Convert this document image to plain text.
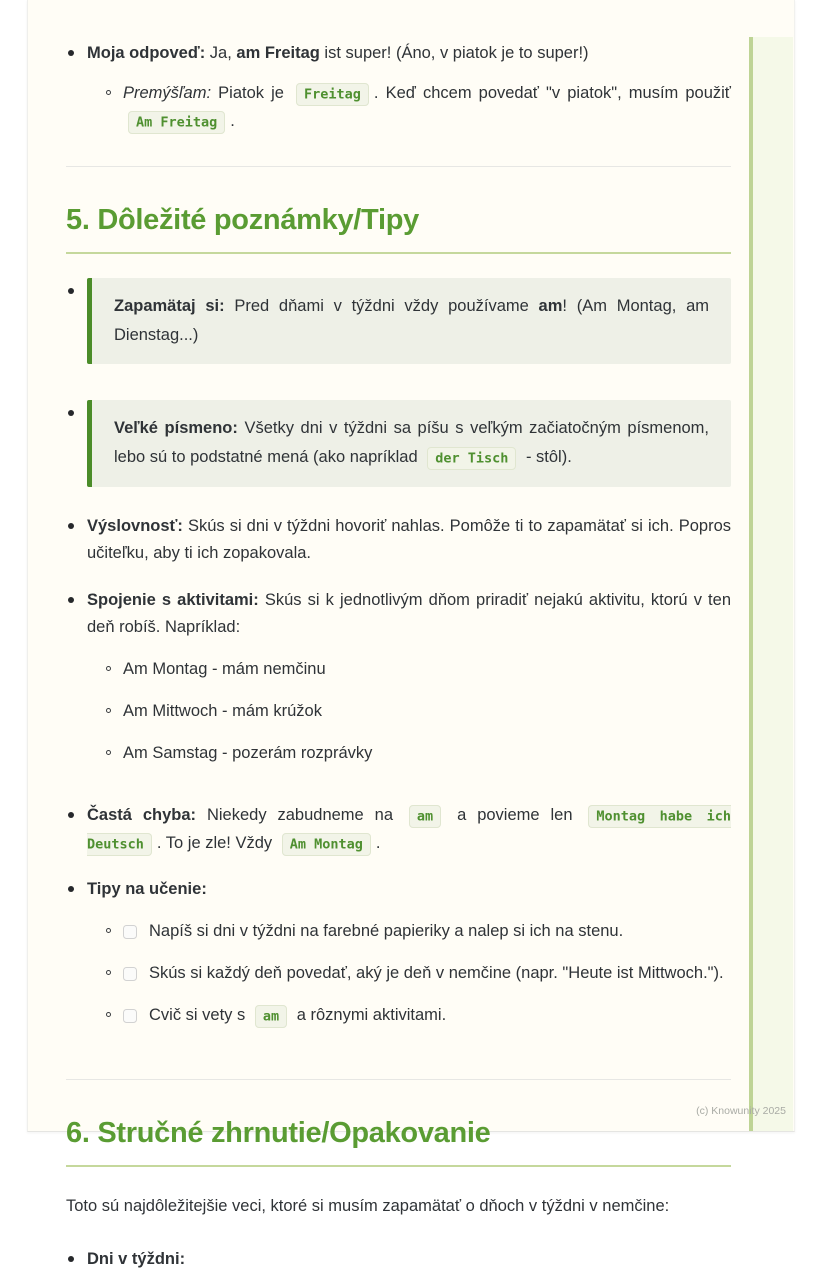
Moja odpoveď: Ja, am Freitag ist super! (Áno, v piatok je to super!)
Premýšľam: Piatok je Freitag . Keď chcem povedať "v piatok", musím použiť Am Freitag .
5. Dôležité poznámky/Tipy
Zapamätaj si: Pred dňami v týždni vždy používame am! (Am Montag, am Dienstag...)
Veľké písmeno: Všetky dni v týždni sa píšu s veľkým začiatočným písmenom, lebo sú to podstatné mená (ako napríklad der Tisch - stôl).
Výslovnosť: Skús si dni v týždni hovoriť nahlas. Pomôže ti to zapamätať si ich. Popros učiteľku, aby ti ich zopakovala.
Spojenie s aktivitami: Skús si k jednotlivým dňom priradiť nejakú aktivitu, ktorú v ten deň robíš. Napríklad:
Am Montag - mám nemčinu
Am Mittwoch - mám krúžok
Am Samstag - pozerám rozprávky
Častá chyba: Niekedy zabudneme na am a povieme len Montag habe ich Deutsch . To je zle! Vždy Am Montag .
Tipy na učenie:
Napíš si dni v týždni na farebné papieriky a nalep si ich na stenu.
Skús si každý deň povedať, aký je deň v nemčine (napr. "Heute ist Mittwoch.").
Cvič si vety s am a rôznymi aktivitami.
6. Stručné zhrnutie/Opakovanie

Toto sú najdôležitejšie veci, ktoré si musím zapamätať o dňoch v týždni v nemčine:

Dni v týždni:
(c) Knowunity 2025
